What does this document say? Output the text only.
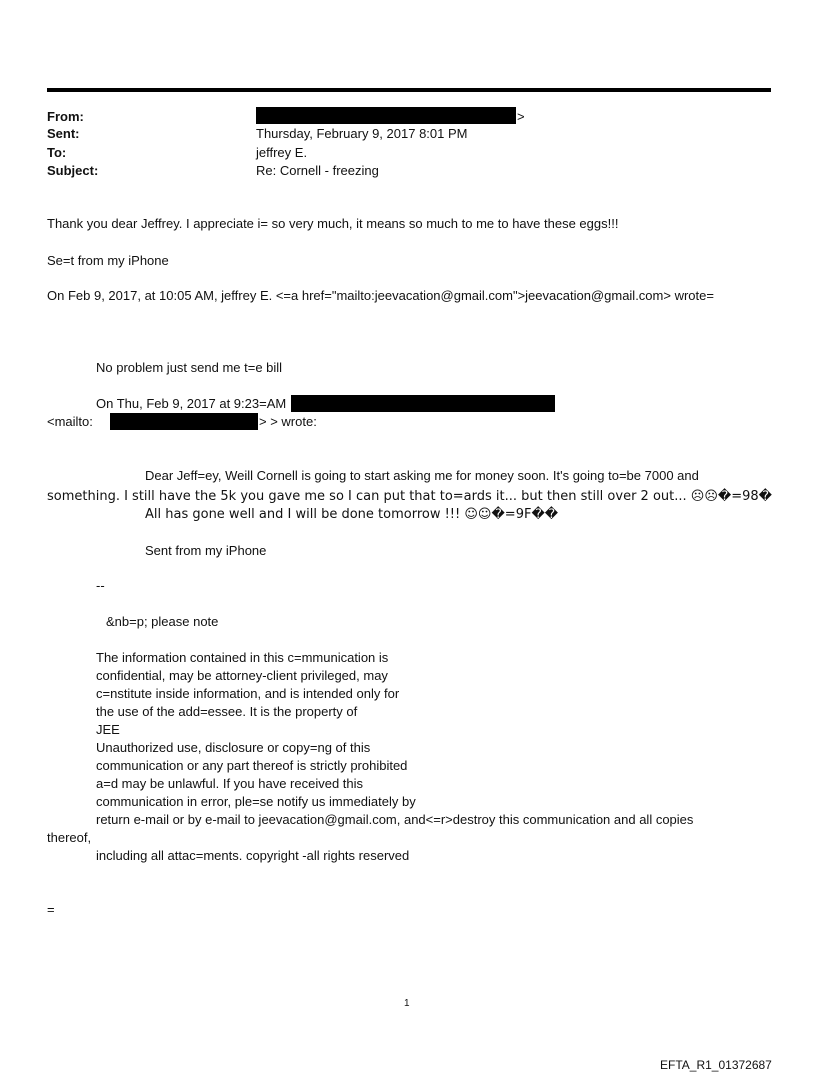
From:	>
Sent:	Thursday, February 9, 2017 8:01 PM
To:	jeffrey E.
Subject:	Re: Cornell - freezing
Thank you dear Jeffrey. I appreciate i= so very much, it means so much to me to have these eggs!!!
Se=t from my iPhone
On Feb 9, 2017, at 10:05 AM, jeffrey E. <=a href="mailto:jeevacation@gmail.com">jeevacation@gmail.com> wrote=
No problem just send me t=e bill
On Thu, Feb 9, 2017 at 9:23=AM
<mailto:	> > wrote:
Dear Jeff=ey, Weill Cornell is going to start asking me for money soon. It's going to=be 7000 and
something. I still have the 5k you gave me so I can put that to=ards it... but then still over 2 out... ☹☹�=98�
All has gone well and I will be done tomorrow !!! ☺☺�=9F��
Sent from my iPhone
--
&nb=p; please note
The information contained in this c=mmunication is
confidential, may be attorney-client privileged, may
c=nstitute inside information, and is intended only for
the use of the add=essee. It is the property of
JEE
Unauthorized use, disclosure or copy=ng of this
communication or any part thereof is strictly prohibited
a=d may be unlawful. If you have received this
communication in error, ple=se notify us immediately by
return e-mail or by e-mail to jeevacation@gmail.com, and<=r>destroy this communication and all copies
thereof,
including all attac=ments. copyright -all rights reserved
=
1
EFTA_R1_01372687
